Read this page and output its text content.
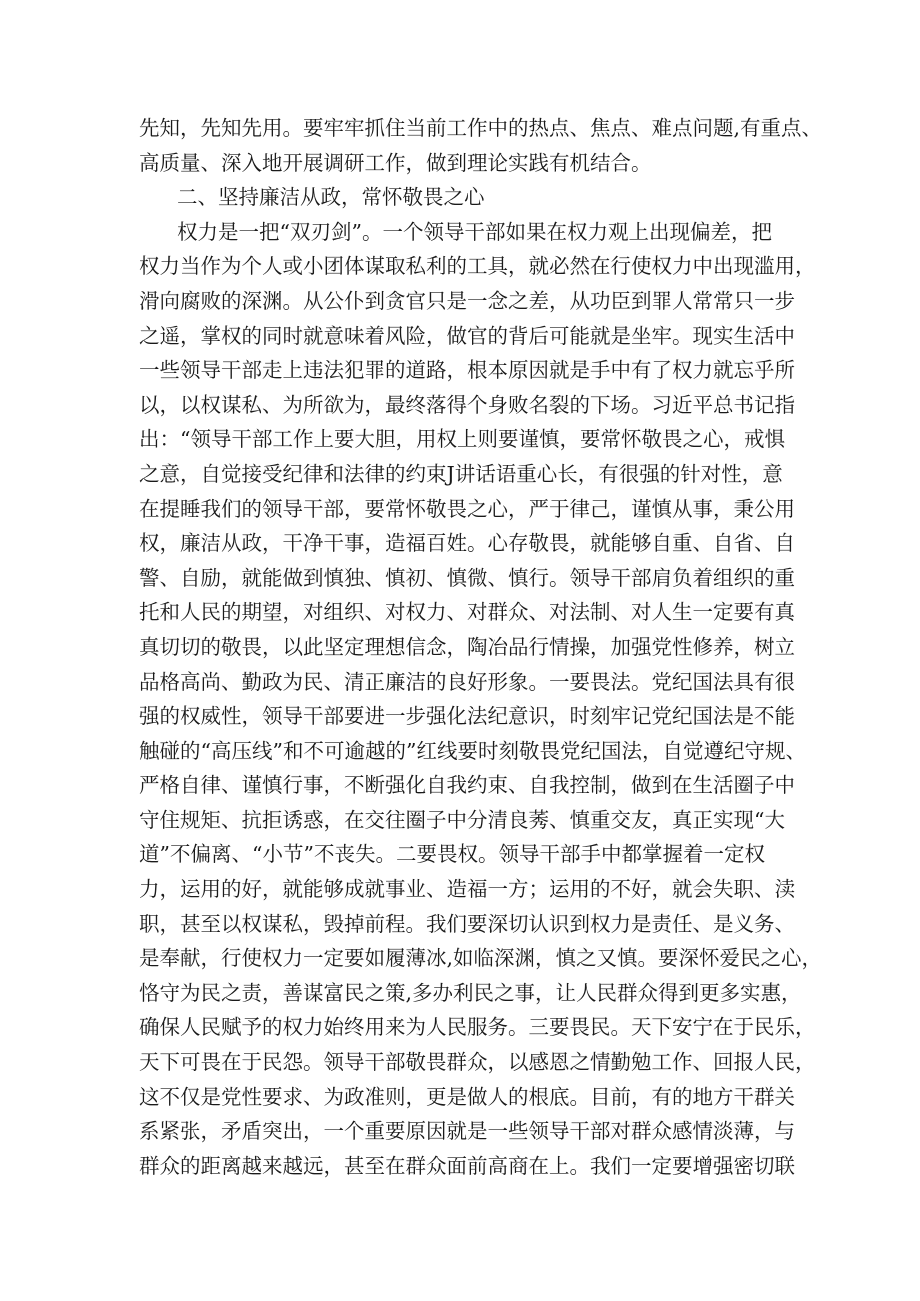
先知，先知先用。要牢牢抓住当前工作中的热点、焦点、难点问题,有重点、
高质量、深入地开展调研工作，做到理论实践有机结合。
二、坚持廉洁从政，常怀敬畏之心
权力是一把“双刃剑”。一个领导干部如果在权力观上出现偏差，把
权力当作为个人或小团体谋取私利的工具，就必然在行使权力中出现滥用，
滑向腐败的深渊。从公仆到贪官只是一念之差，从功臣到罪人常常只一步
之遥，掌权的同时就意味着风险，做官的背后可能就是坐牢。现实生活中
一些领导干部走上违法犯罪的道路，根本原因就是手中有了权力就忘乎所
以，以权谋私、为所欲为，最终落得个身败名裂的下场。习近平总书记指
出：“领导干部工作上要大胆，用权上则要谨慎，要常怀敬畏之心，戒惧
之意，自觉接受纪律和法律的约束J讲话语重心长，有很强的针对性，意
在提睡我们的领导干部，要常怀敬畏之心，严于律己，谨慎从事，秉公用
权，廉洁从政，干净干事，造福百姓。心存敬畏，就能够自重、自省、自
警、自励，就能做到慎独、慎初、慎微、慎行。领导干部肩负着组织的重
托和人民的期望，对组织、对权力、对群众、对法制、对人生一定要有真
真切切的敬畏，以此坚定理想信念，陶冶品行情操，加强党性修养，树立
品格高尚、勤政为民、清正廉洁的良好形象。一要畏法。党纪国法具有很
强的权威性，领导干部要进一步强化法纪意识，时刻牢记党纪国法是不能
触碰的“高压线”和不可逾越的”红线要时刻敬畏党纪国法，自觉遵纪守规、
严格自律、谨慎行事，不断强化自我约束、自我控制，做到在生活圈子中
守住规矩、抗拒诱惑，在交往圈子中分清良莠、慎重交友，真正实现“大
道”不偏离、“小节”不丧失。二要畏权。领导干部手中都掌握着一定权
力，运用的好，就能够成就事业、造福一方；运用的不好，就会失职、渎
职，甚至以权谋私，毁掉前程。我们要深切认识到权力是责任、是义务、
是奉献，行使权力一定要如履薄冰,如临深渊，慎之又慎。要深怀爱民之心，
恪守为民之责，善谋富民之策,多办利民之事，让人民群众得到更多实惠，
确保人民赋予的权力始终用来为人民服务。三要畏民。天下安宁在于民乐，
天下可畏在于民怨。领导干部敬畏群众，以感恩之情勤勉工作、回报人民，
这不仅是党性要求、为政准则，更是做人的根底。目前，有的地方干群关
系紧张，矛盾突出，一个重要原因就是一些领导干部对群众感情淡薄，与
群众的距离越来越远，甚至在群众面前高商在上。我们一定要增强密切联
